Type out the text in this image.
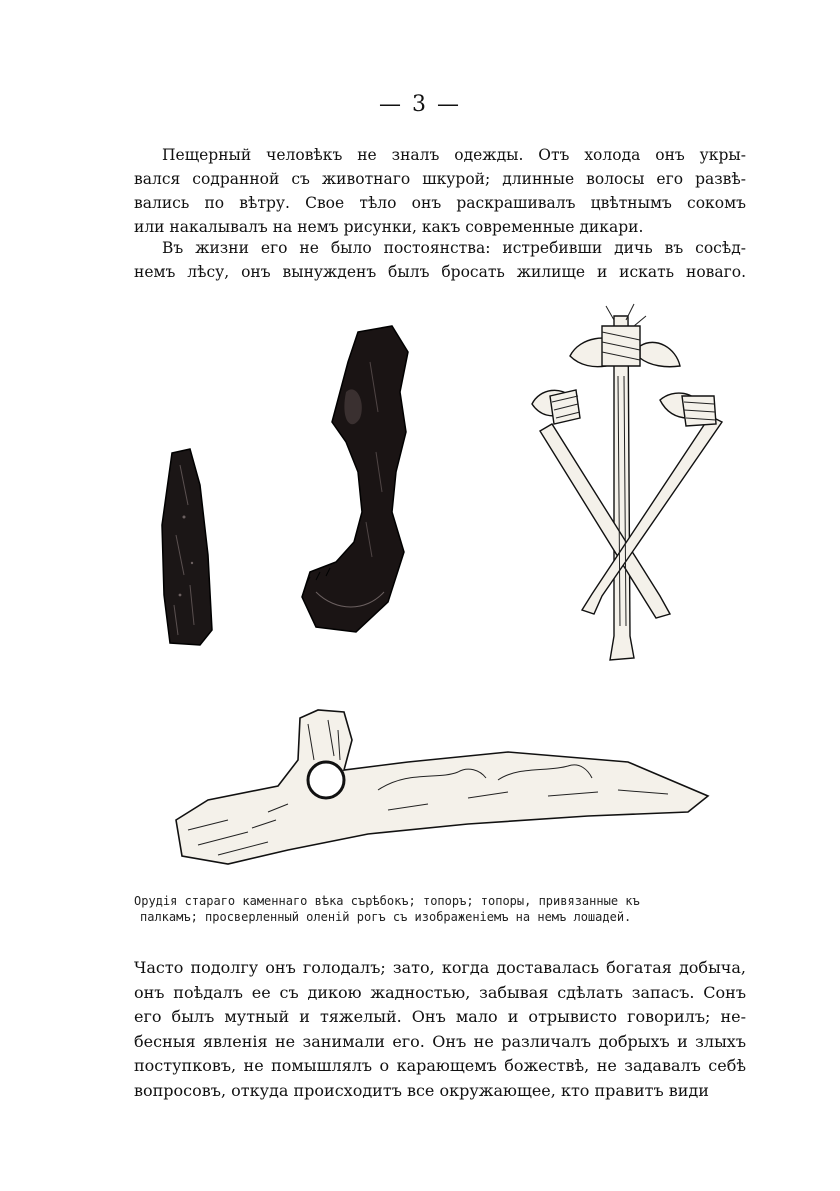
— 3 —
Пещерный человѣкъ не зналъ одежды. Отъ холода онъ укры-
вался содранной съ животнаго шкурой; длинные волосы его развѣ-
вались по вѣтру. Свое тѣло онъ раскрашивалъ цвѣтнымъ сокомъ
или накалывалъ на немъ рисунки, какъ современные дикари.
Въ жизни его не было постоянства: истребивши дичь въ сосѣд-
немъ лѣсу, онъ вынужденъ былъ бросать жилище и искать новаго.
Орудія стараго каменнаго вѣка сърѣбокъ; топоръ; топоры, привязанные къ
палкамъ; просверленный оленій рогъ съ изображеніемъ на немъ лошадей.
Часто подолгу онъ голодалъ; зато, когда доставалась богатая добыча,
онъ поѣдалъ ее съ дикою жадностью, забывая сдѣлать запасъ. Сонъ
его былъ мутный и тяжелый. Онъ мало и отрывисто говорилъ; не-
бесныя явленія не занимали его. Онъ не различалъ добрыхъ и злыхъ
поступковъ, не помышлялъ о карающемъ божествѣ, не задавалъ себѣ
вопросовъ, откуда происходитъ все окружающее, кто правитъ види
